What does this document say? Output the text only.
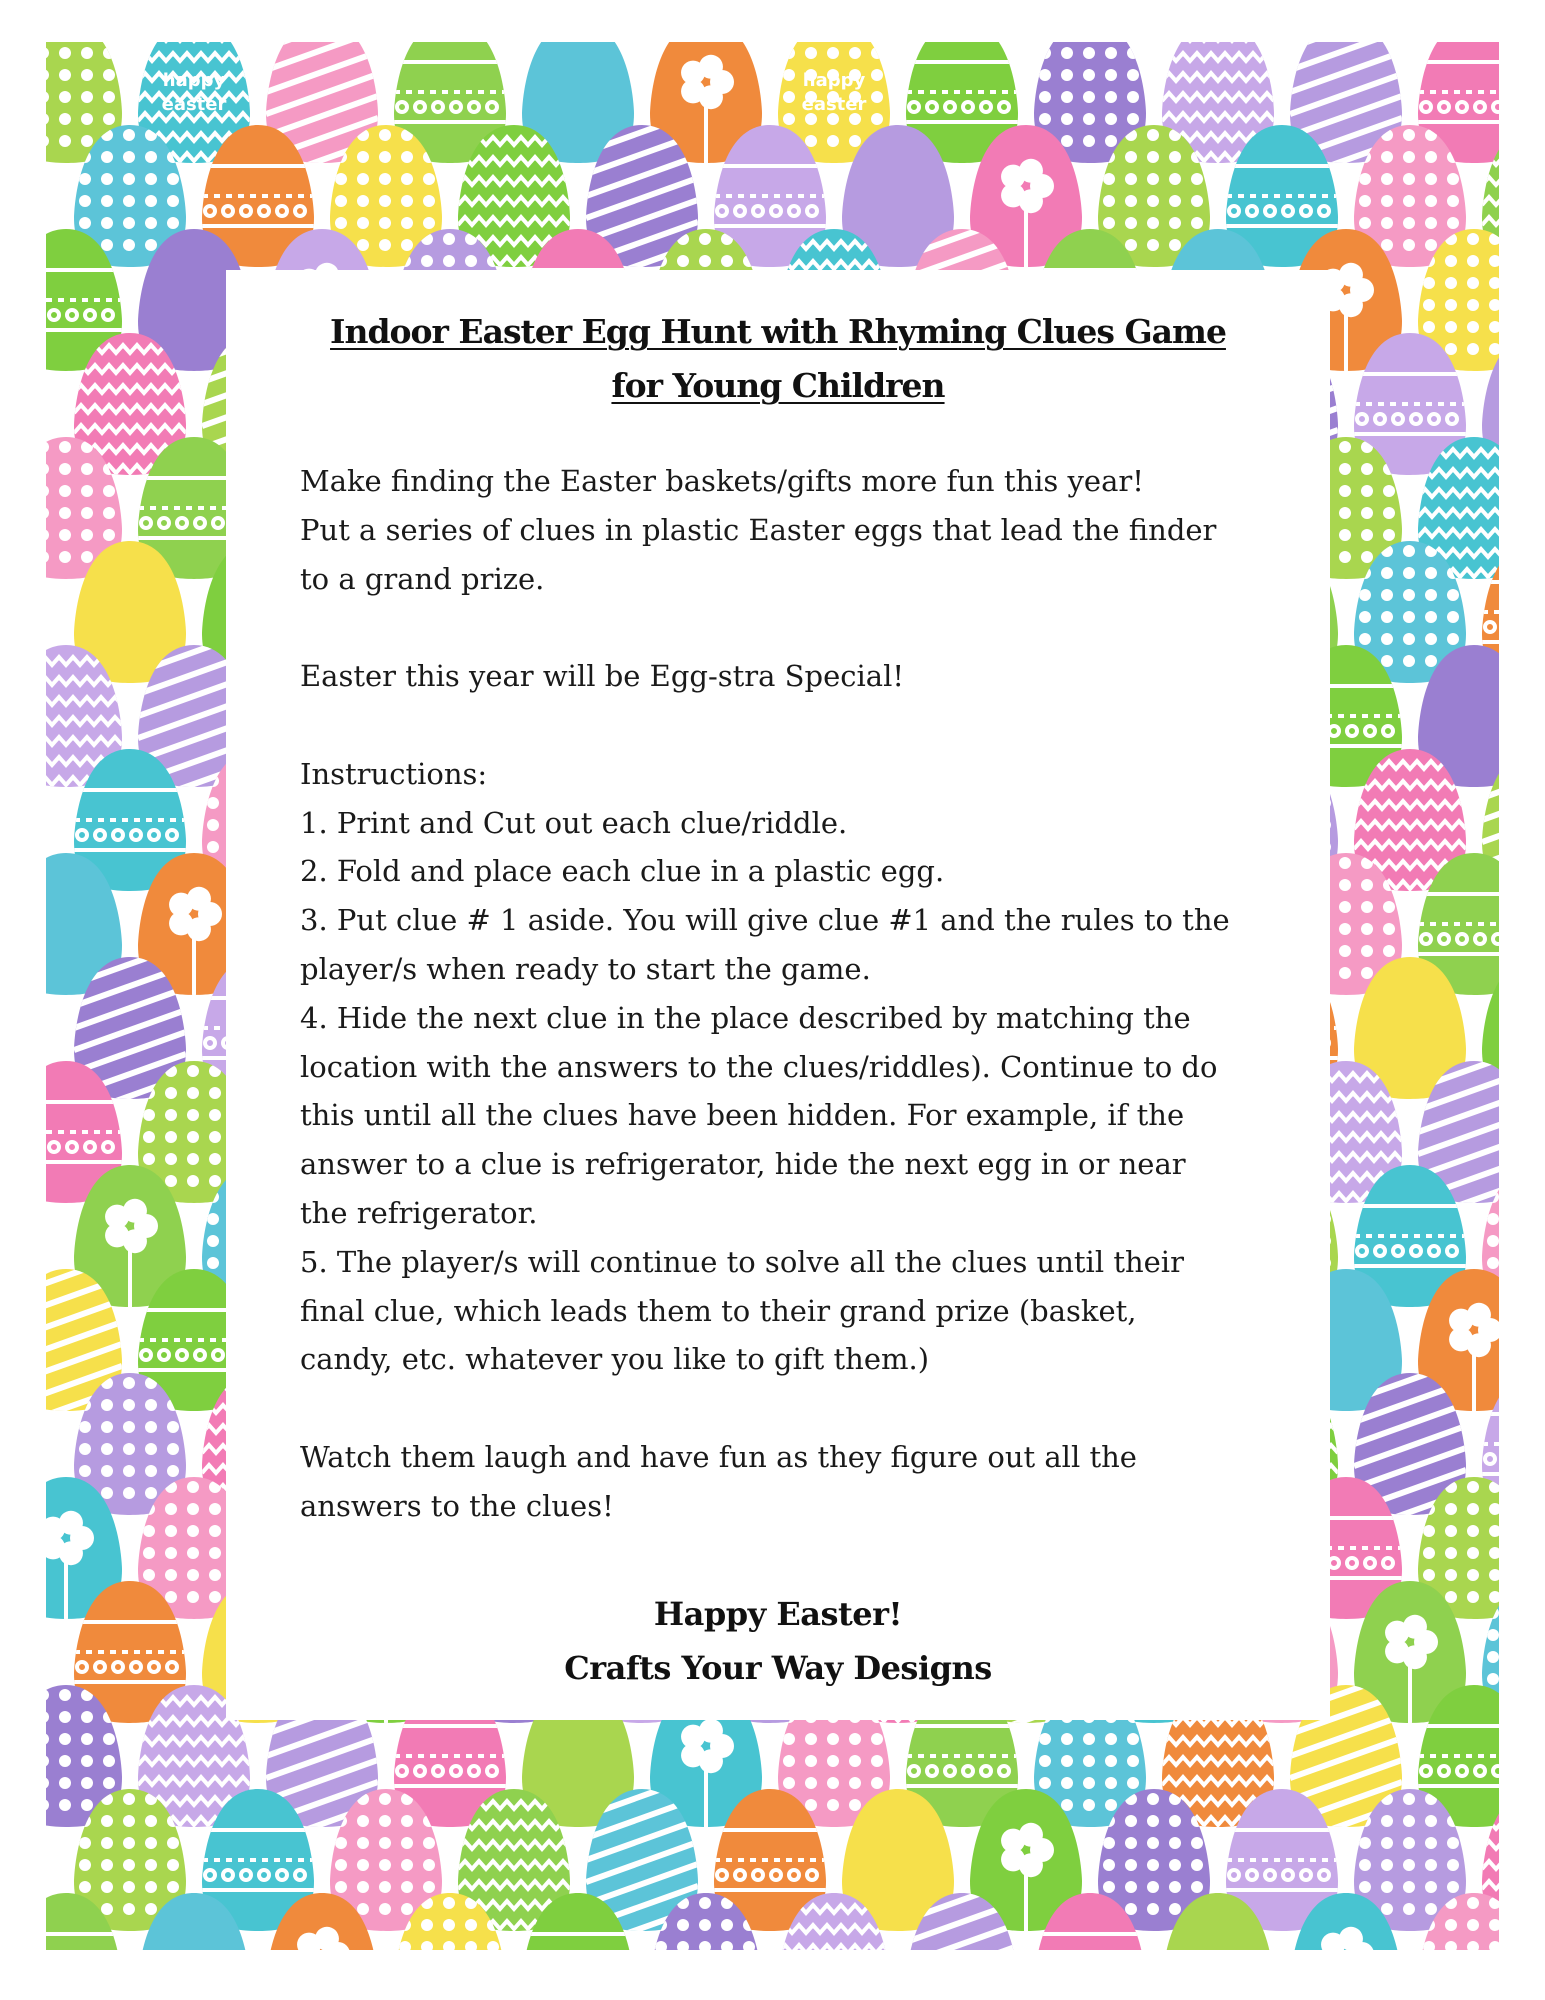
happy
easter
happy
easter
Indoor Easter Egg Hunt with Rhyming Clues Game
for Young Children

Make finding the Easter baskets/gifts more fun this year!

Put a series of clues in plastic Easter eggs that lead the finder

to a grand prize.

Easter this year will be Egg-stra Special!

Instructions:

1. Print and Cut out each clue/riddle.

2. Fold and place each clue in a plastic egg.

3. Put clue # 1 aside. You will give clue #1 and the rules to the

player/s when ready to start the game.

4. Hide the next clue in the place described by matching the

location with the answers to the clues/riddles). Continue to do

this until all the clues have been hidden. For example, if the

answer to a clue is refrigerator, hide the next egg in or near

the refrigerator.

5. The player/s will continue to solve all the clues until their

final clue, which leads them to their grand prize (basket,

candy, etc. whatever you like to gift them.)

Watch them laugh and have fun as they figure out all the

answers to the clues!

Happy Easter!
Crafts Your Way Designs
